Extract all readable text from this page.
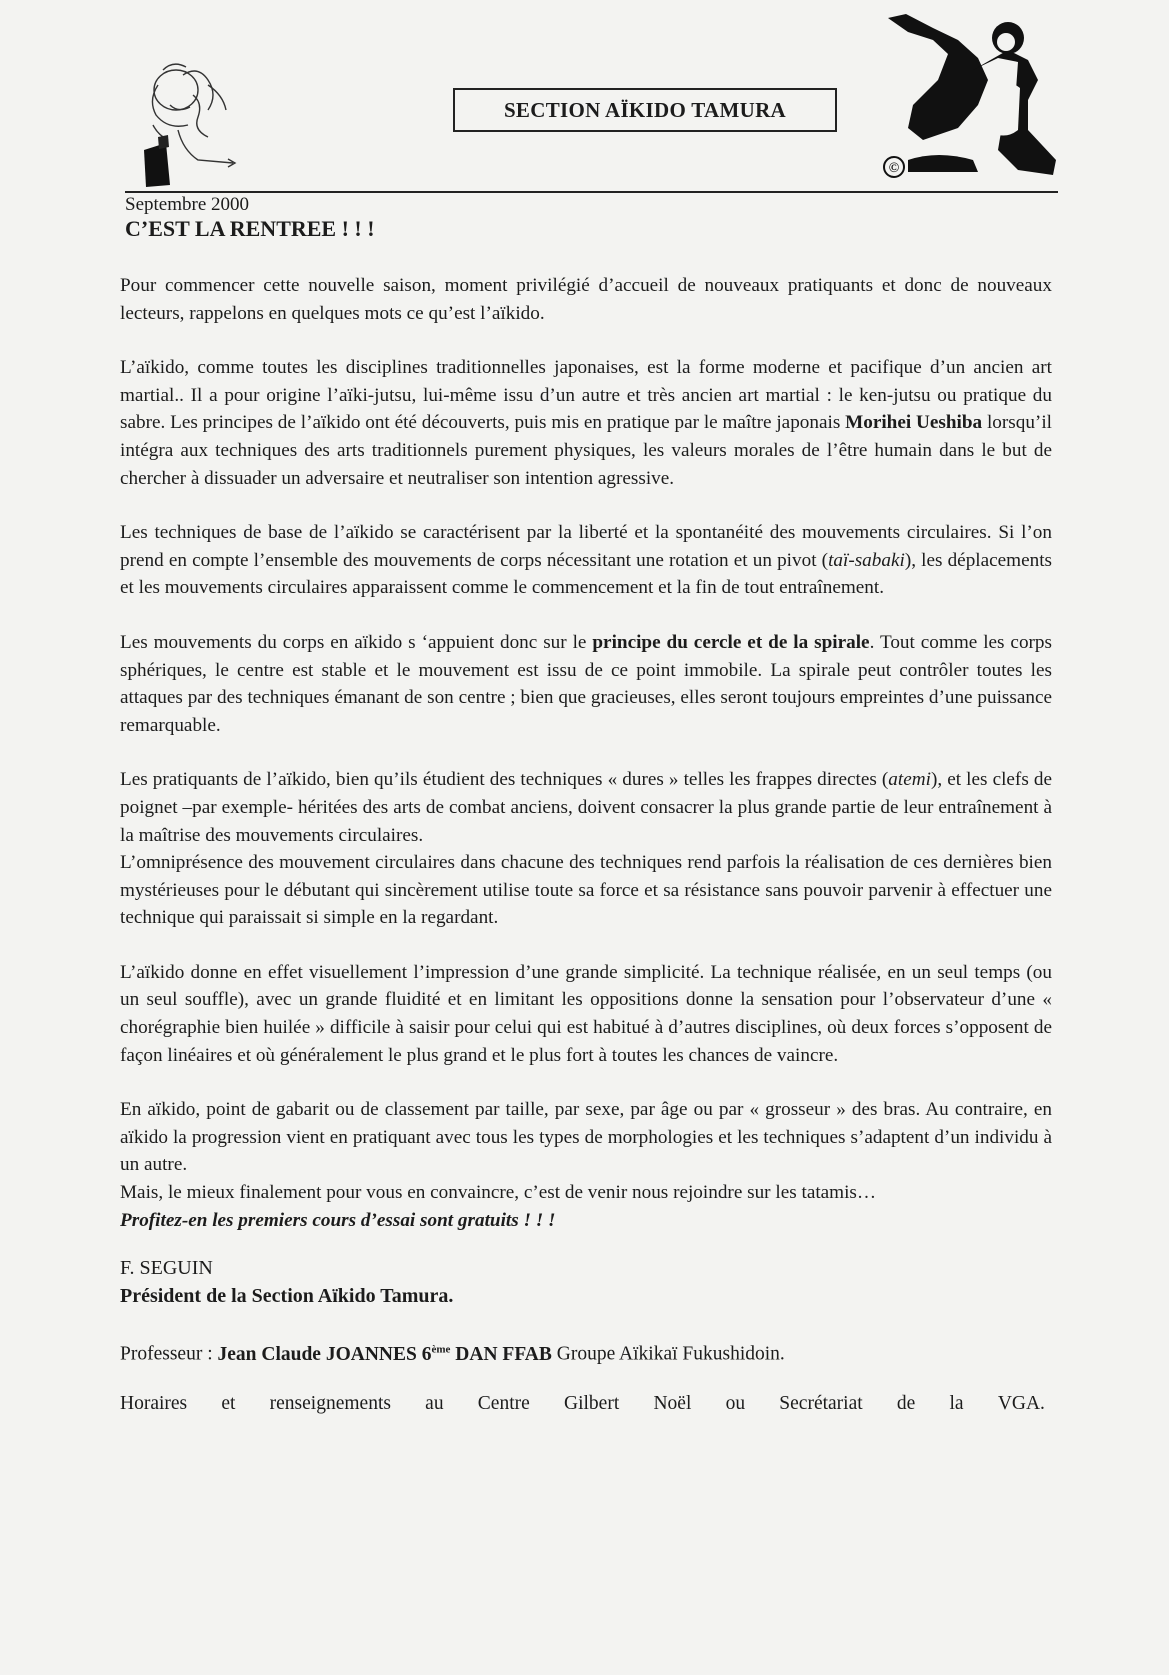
SECTION AÏKIDO TAMURA
©
Septembre 2000
C’EST LA RENTREE ! ! !

Pour commencer cette nouvelle saison, moment privilégié d’accueil de nouveaux pratiquants et donc de nouveaux lecteurs, rappelons en quelques mots ce qu’est l’aïkido.

L’aïkido, comme toutes les disciplines traditionnelles japonaises, est la forme moderne et pacifique d’un ancien art martial.. Il a pour origine l’aïki-jutsu, lui-même issu d’un autre et très ancien art martial : le ken-jutsu ou pratique du sabre. Les principes de l’aïkido ont été découverts, puis mis en pratique par le maître japonais Morihei Ueshiba lorsqu’il intégra aux techniques des arts traditionnels purement physiques, les valeurs morales de l’être humain dans le but de chercher à dissuader un adversaire et neutraliser son intention agressive.

Les techniques de base de l’aïkido se caractérisent par la liberté et la spontanéité des mouvements circulaires. Si l’on prend en compte l’ensemble des mouvements de corps nécessitant une rotation et un pivot (taï-sabaki), les déplacements et les mouvements circulaires apparaissent comme le commencement et la fin de tout entraînement.

Les mouvements du corps en aïkido s ‘appuient donc sur le principe du cercle et de la spirale. Tout comme les corps sphériques, le centre est stable et le mouvement est issu de ce point immobile. La spirale peut contrôler toutes les attaques par des techniques émanant de son centre ; bien que gracieuses, elles seront toujours empreintes d’une puissance remarquable.

Les pratiquants de l’aïkido, bien qu’ils étudient des techniques « dures » telles les frappes directes (atemi), et les clefs de poignet –par exemple- héritées des arts de combat anciens, doivent consacrer la plus grande partie de leur entraînement à la maîtrise des mouvements circulaires.

L’omniprésence des mouvement circulaires dans chacune des techniques rend parfois la réalisation de ces dernières bien mystérieuses pour le débutant qui sincèrement utilise toute sa force et sa résistance sans pouvoir parvenir à effectuer une technique qui paraissait si simple en la regardant.

L’aïkido donne en effet visuellement l’impression d’une grande simplicité. La technique réalisée, en un seul temps (ou un seul souffle), avec un grande fluidité et en limitant les oppositions donne la sensation pour l’observateur d’une « chorégraphie bien huilée » difficile à saisir pour celui qui est habitué à d’autres disciplines, où deux forces s’opposent de façon linéaires et où généralement le plus grand et le plus fort à toutes les chances de vaincre.

En aïkido, point de gabarit ou de classement par taille, par sexe, par âge ou par « grosseur » des bras. Au contraire, en aïkido la progression vient en pratiquant avec tous les types de morphologies et les techniques s’adaptent d’un individu à un autre.

Mais, le mieux finalement pour vous en convaincre, c’est de venir nous rejoindre sur les tatamis…

Profitez-en les premiers cours d’essai sont gratuits ! ! !

F. SEGUIN
Président de la Section Aïkido Tamura.
Professeur : Jean Claude JOANNES 6ème DAN FFAB Groupe Aïkikaï Fukushidoin.
Horaires et renseignements au Centre Gilbert Noël ou Secrétariat de la VGA.
